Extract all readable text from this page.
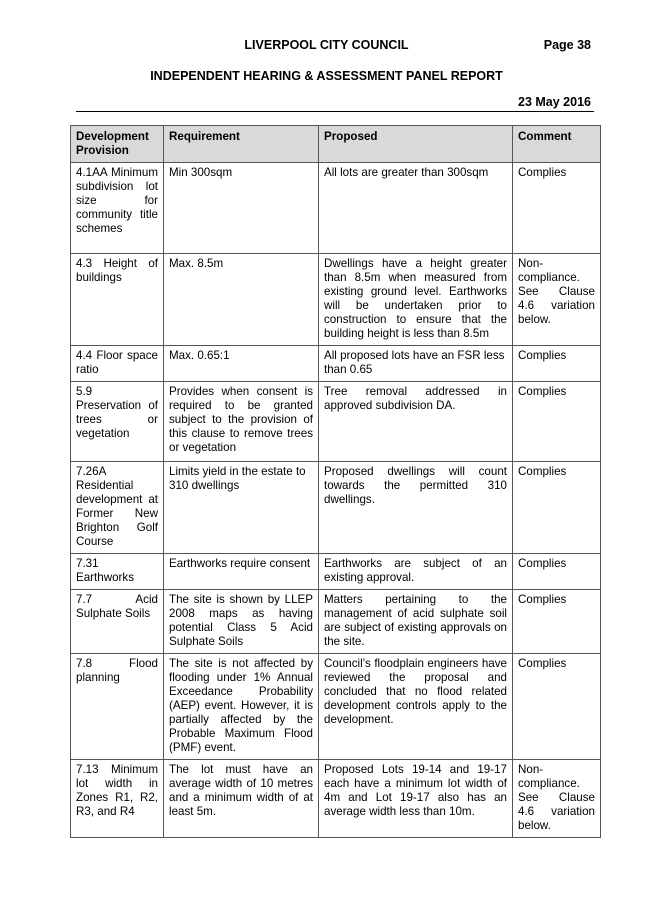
LIVERPOOL CITY COUNCIL	Page 38
INDEPENDENT HEARING & ASSESSMENT PANEL REPORT
23 May 2016
Development Provision	Requirement	Proposed	Comment
4.1AA Minimum subdivision lot size for community title schemes	Min 300sqm	All lots are greater than 300sqm	Complies
4.3 Height of buildings	Max. 8.5m	Dwellings have a height greater than 8.5m when measured from existing ground level. Earthworks will be undertaken prior to construction to ensure that the building height is less than 8.5m	Non-compliance. See Clause 4.6 variation below.
4.4 Floor space ratio	Max. 0.65:1	All proposed lots have an FSR less than 0.65	Complies
5.9 Preservation of trees or vegetation	Provides when consent is required to be granted subject to the provision of this clause to remove trees or vegetation	Tree removal addressed in approved subdivision DA.	Complies
7.26A Residential development at Former New Brighton Golf Course	Limits yield in the estate to 310 dwellings	Proposed dwellings will count towards the permitted 310 dwellings.	Complies
7.31 Earthworks	Earthworks require consent	Earthworks are subject of an existing approval.	Complies
7.7 Acid Sulphate Soils	The site is shown by LLEP 2008 maps as having potential Class 5 Acid Sulphate Soils	Matters pertaining to the management of acid sulphate soil are subject of existing approvals on the site.	Complies
7.8 Flood planning	The site is not affected by flooding under 1% Annual Exceedance Probability (AEP) event. However, it is partially affected by the Probable Maximum Flood (PMF) event.	Council’s floodplain engineers have reviewed the proposal and concluded that no flood related development controls apply to the development.	Complies
7.13 Minimum lot width in Zones R1, R2, R3, and R4	The lot must have an average width of 10 metres and a minimum width of at least 5m.	Proposed Lots 19-14 and 19-17 each have a minimum lot width of 4m and Lot 19-17 also has an average width less than 10m.	Non-compliance. See Clause 4.6 variation below.
